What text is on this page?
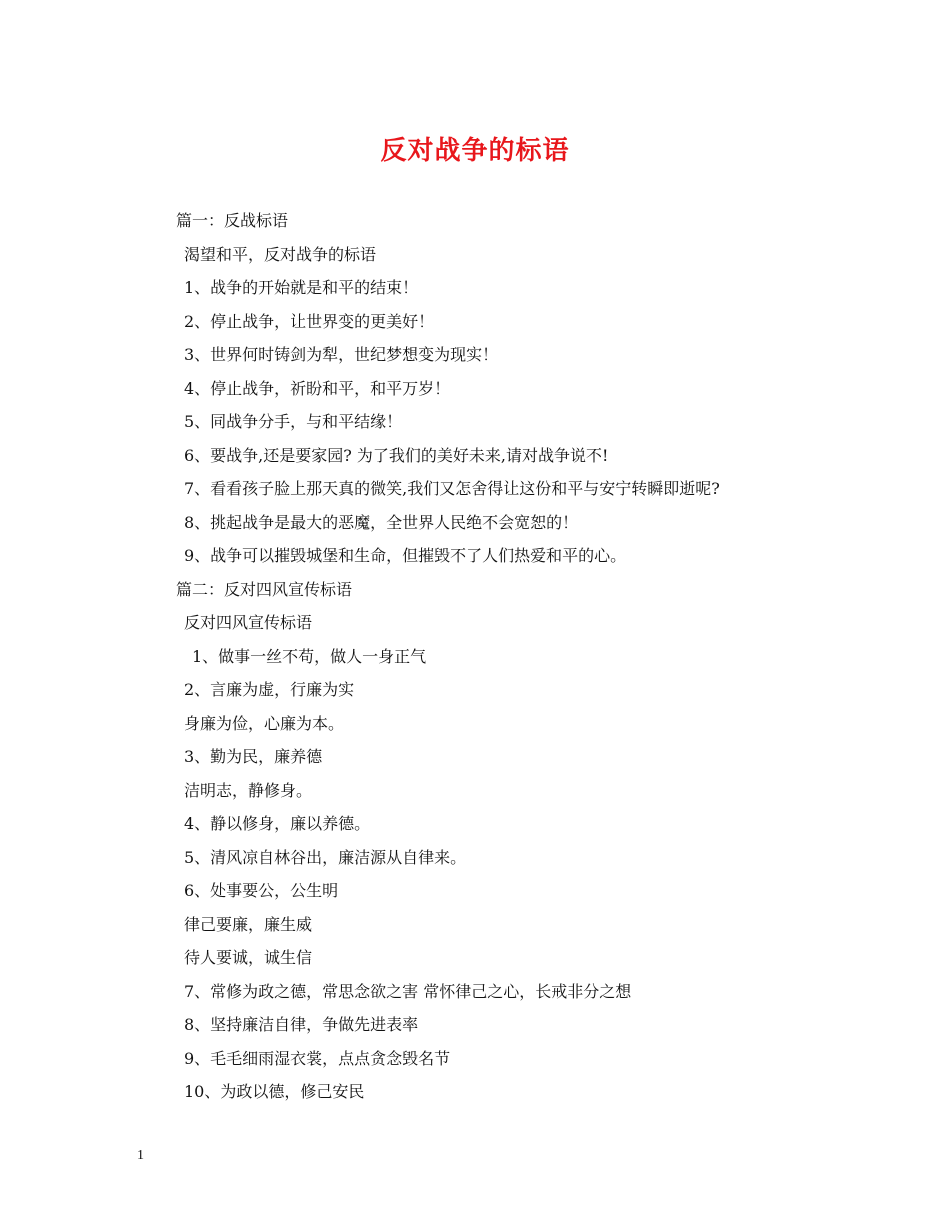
反对战争的标语
篇一：反战标语
渴望和平，反对战争的标语
1、战争的开始就是和平的结束！
2、停止战争，让世界变的更美好！
3、世界何时铸剑为犁，世纪梦想变为现实！
4、停止战争，祈盼和平，和平万岁！
5、同战争分手，与和平结缘！
6、要战争,还是要家园? 为了我们的美好未来,请对战争说不!
7、看看孩子脸上那天真的微笑,我们又怎舍得让这份和平与安宁转瞬即逝呢?
8、挑起战争是最大的恶魔，全世界人民绝不会宽恕的！
9、战争可以摧毁城堡和生命，但摧毁不了人们热爱和平的心。
篇二：反对四风宣传标语
反对四风宣传标语
1、做事一丝不苟，做人一身正气
2、言廉为虚，行廉为实
身廉为俭，心廉为本。
3、勤为民，廉养德
洁明志，静修身。
4、静以修身，廉以养德。
5、清风凉自林谷出，廉洁源从自律来。
6、处事要公，公生明
律己要廉，廉生威
待人要诚，诚生信
7、常修为政之德，常思念欲之害 常怀律己之心，长戒非分之想
8、坚持廉洁自律，争做先进表率
9、毛毛细雨湿衣裳，点点贪念毁名节
10、为政以德，修己安民
1
